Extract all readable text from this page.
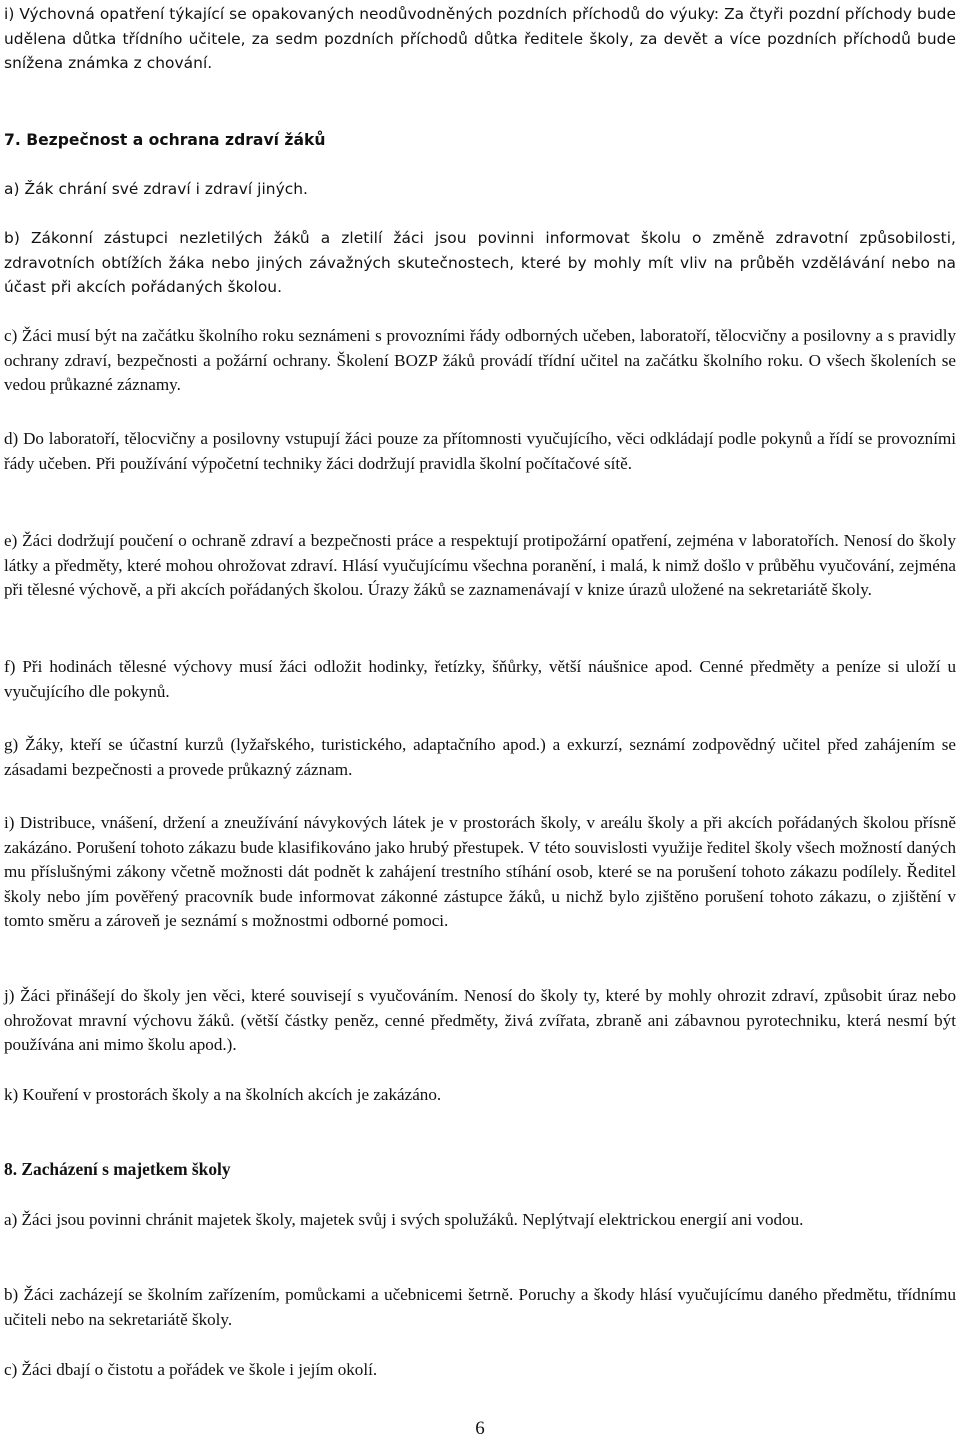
i) Výchovná opatření týkající se opakovaných neodůvodněných pozdních příchodů do výuky: Za čtyři pozdní příchody bude udělena důtka třídního učitele, za sedm pozdních příchodů důtka ředitele školy, za devět a více pozdních příchodů bude snížena známka z chování.

7. Bezpečnost a ochrana zdraví žáků

a) Žák chrání své zdraví i zdraví jiných.

b) Zákonní zástupci nezletilých žáků a zletilí žáci jsou povinni informovat školu o změně zdravotní způsobilosti, zdravotních obtížích žáka nebo jiných závažných skutečnostech, které by mohly mít vliv na průběh vzdělávání nebo na účast při akcích pořádaných školou.

c) Žáci musí být na začátku školního roku seznámeni s provozními řády odborných učeben, laboratoří, tělocvičny a posilovny a s pravidly ochrany zdraví, bezpečnosti a požární ochrany. Školení BOZP žáků provádí třídní učitel na začátku školního roku. O všech školeních se vedou průkazné záznamy.

d) Do laboratoří, tělocvičny a posilovny vstupují žáci pouze za přítomnosti vyučujícího, věci odkládají podle pokynů a řídí se provozními řády učeben. Při používání výpočetní techniky žáci dodržují pravidla školní počítačové sítě.

e) Žáci dodržují poučení o ochraně zdraví a bezpečnosti práce a respektují protipožární opatření, zejména v laboratořích. Nenosí do školy látky a předměty, které mohou ohrožovat zdraví. Hlásí vyučujícímu všechna poranění, i malá, k nimž došlo v průběhu vyučování, zejména při tělesné výchově, a při akcích pořádaných školou. Úrazy žáků se zaznamenávají v knize úrazů uložené na sekretariátě školy.

f) Při hodinách tělesné výchovy musí žáci odložit hodinky, řetízky, šňůrky, větší náušnice apod. Cenné předměty a peníze si uloží u vyučujícího dle pokynů.

g) Žáky, kteří se účastní kurzů (lyžařského, turistického, adaptačního apod.) a exkurzí, seznámí zodpovědný učitel před zahájením se zásadami bezpečnosti a provede průkazný záznam.

i) Distribuce, vnášení, držení a zneužívání návykových látek je v prostorách školy, v areálu školy a při akcích pořádaných školou přísně zakázáno. Porušení tohoto zákazu bude klasifikováno jako hrubý přestupek. V této souvislosti využije ředitel školy všech možností daných mu příslušnými zákony včetně možnosti dát podnět k zahájení trestního stíhání osob, které se na porušení tohoto zákazu podílely. Ředitel školy nebo jím pověřený pracovník bude informovat zákonné zástupce žáků, u nichž bylo zjištěno porušení tohoto zákazu, o zjištění v tomto směru a zároveň je seznámí s možnostmi odborné pomoci.

j) Žáci přinášejí do školy jen věci, které souvisejí s vyučováním. Nenosí do školy ty, které by mohly ohrozit zdraví, způsobit úraz nebo ohrožovat mravní výchovu žáků. (větší částky peněz, cenné předměty, živá zvířata, zbraně ani zábavnou pyrotechniku, která nesmí být používána ani mimo školu apod.).

k) Kouření v prostorách školy a na školních akcích je zakázáno.

8. Zacházení s majetkem školy

a) Žáci jsou povinni chránit majetek školy, majetek svůj i svých spolužáků. Neplýtvají elektrickou energií ani vodou.

b) Žáci zacházejí se školním zařízením, pomůckami a učebnicemi šetrně. Poruchy a škody hlásí vyučujícímu daného předmětu, třídnímu učiteli nebo na sekretariátě školy.

c) Žáci dbají o čistotu a pořádek ve škole i jejím okolí.

6
